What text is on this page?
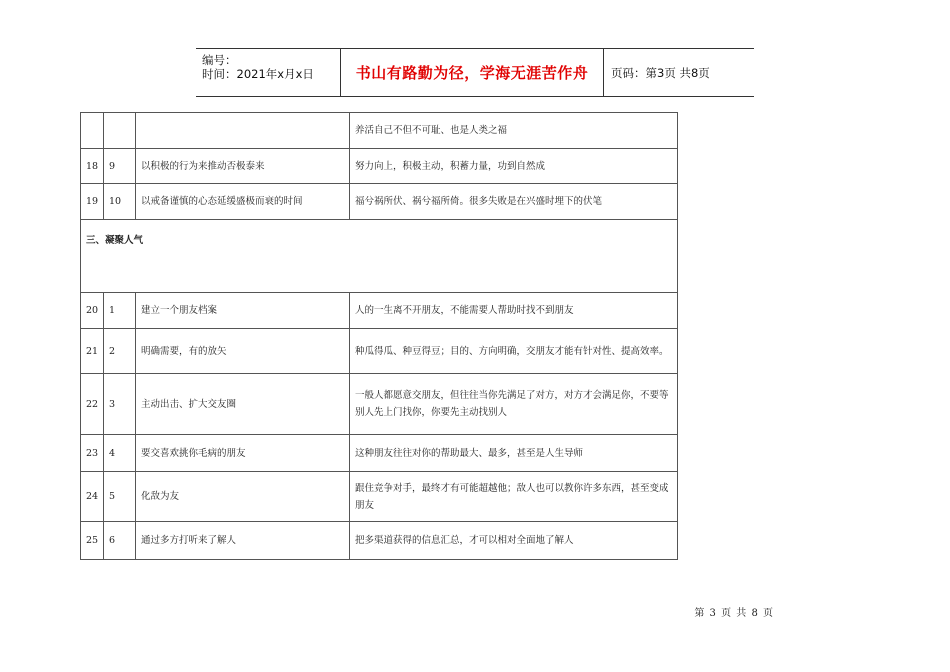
编号：
时间：2021年x月x日	书山有路勤为径，学海无涯苦作舟 页码：第3页 共8页
			养活自己不但不可耻、也是人类之福
18	9	以积极的行为来推动否极泰来	努力向上，积极主动，积蓄力量，功到自然成
19	10	以戒备谨慎的心态延缓盛极而衰的时间	福兮祸所伏、祸兮福所倚。很多失败是在兴盛时埋下的伏笔
三、凝聚人气			
20	1	建立一个朋友档案	人的一生离不开朋友，不能需要人帮助时找不到朋友
21	2	明确需要，有的放矢	种瓜得瓜、种豆得豆；目的、方向明确，交朋友才能有针对性、提高效率。
22	3	主动出击、扩大交友圈	一般人都愿意交朋友，但往往当你先满足了对方，对方才会满足你，不要等别人先上门找你，你要先主动找别人
23	4	要交喜欢挑你毛病的朋友	这种朋友往往对你的帮助最大、最多，甚至是人生导师
24	5	化敌为友	跟住竞争对手，最终才有可能超越他；敌人也可以教你许多东西，甚至变成朋友
25	6	通过多方打听来了解人	把多渠道获得的信息汇总，才可以相对全面地了解人
第 3 页 共 8 页
